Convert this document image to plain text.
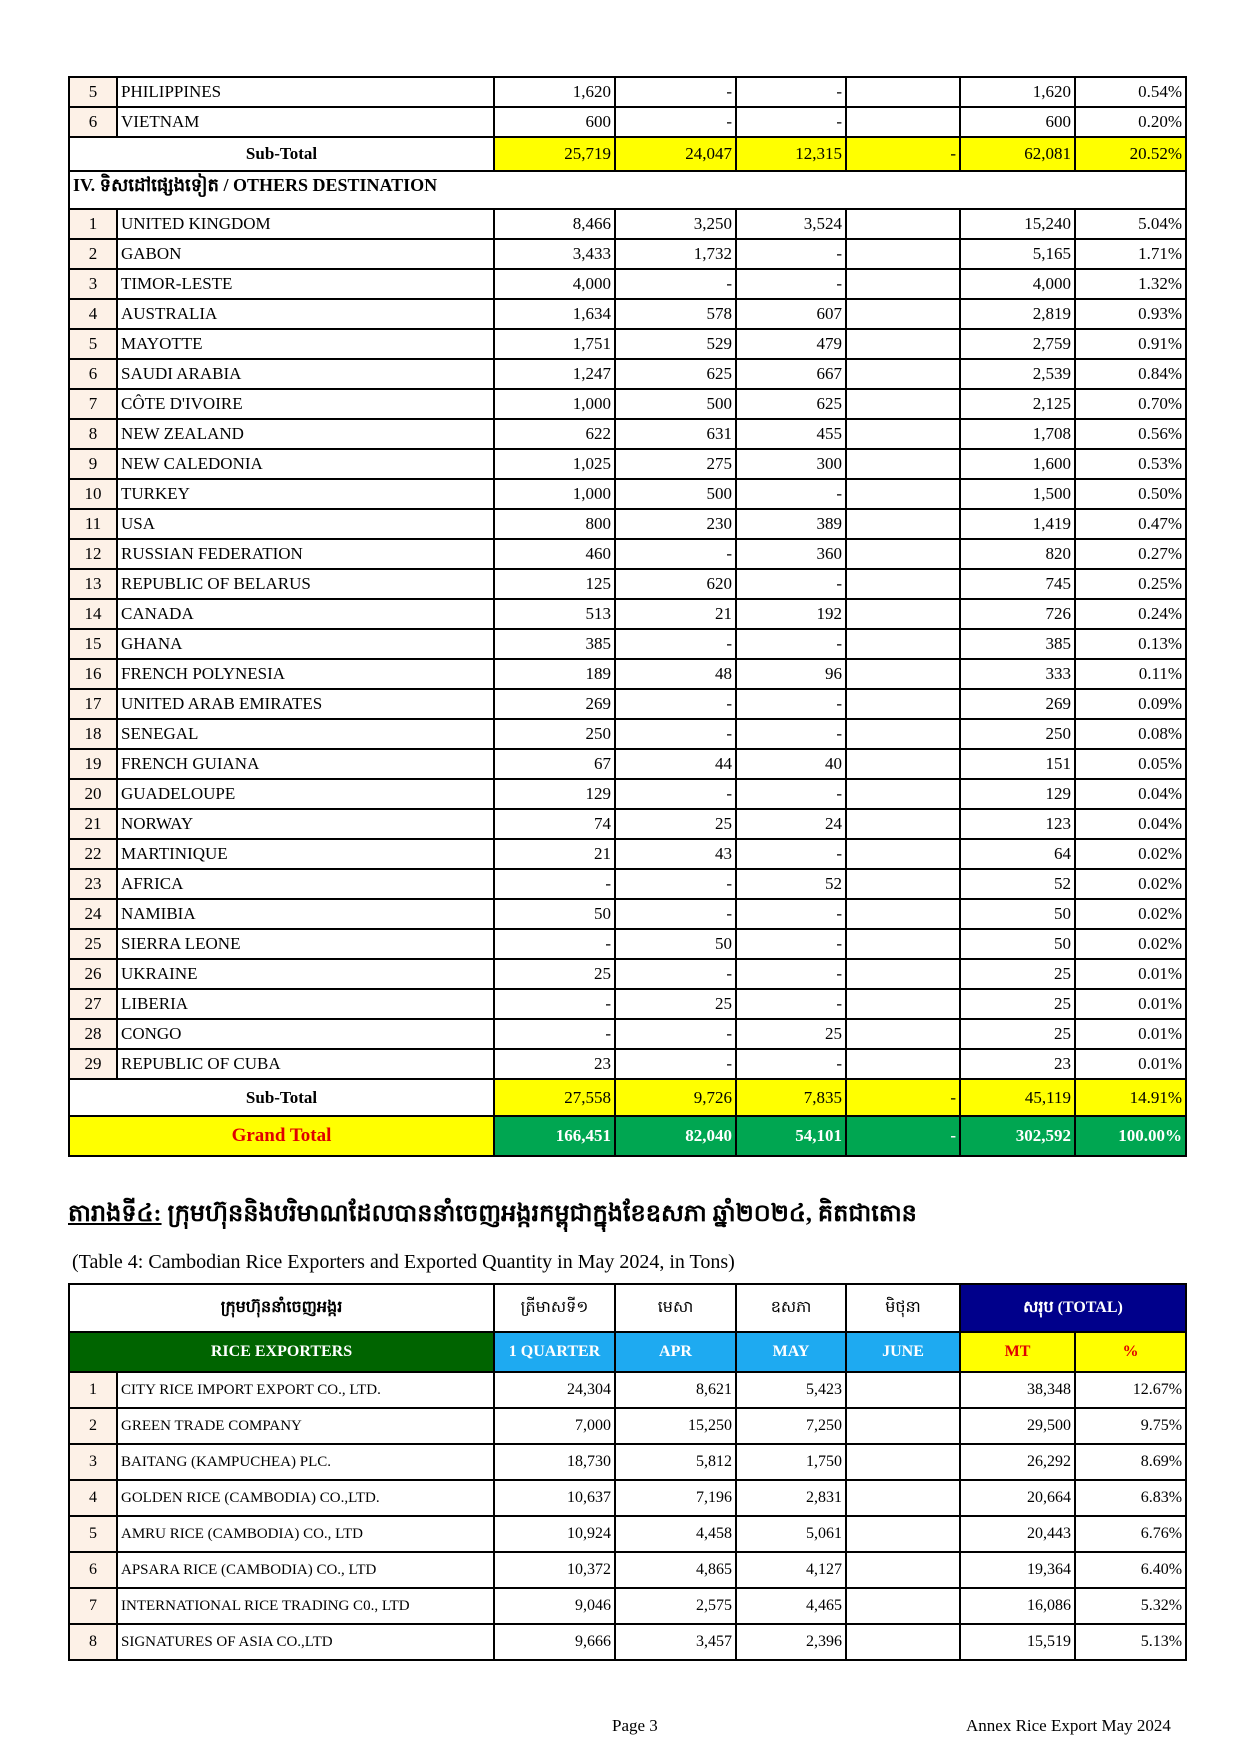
5	PHILIPPINES	1,620	-	-		1,620	0.54%
6	VIETNAM	600	-	-		600	0.20%
Sub-Total		25,719	24,047	12,315	-	62,081	20.52%
IV. ទិសដៅផ្សេងទៀត / OTHERS DESTINATION							

1	UNITED KINGDOM	8,466	3,250	3,524		15,240	5.04%
2	GABON	3,433	1,732	-		5,165	1.71%
3	TIMOR-LESTE	4,000	-	-		4,000	1.32%
4	AUSTRALIA	1,634	578	607		2,819	0.93%
5	MAYOTTE	1,751	529	479		2,759	0.91%
6	SAUDI ARABIA	1,247	625	667		2,539	0.84%
7	CÔTE D'IVOIRE	1,000	500	625		2,125	0.70%
8	NEW ZEALAND	622	631	455		1,708	0.56%
9	NEW CALEDONIA	1,025	275	300		1,600	0.53%
10	TURKEY	1,000	500	-		1,500	0.50%
11	USA	800	230	389		1,419	0.47%
12	RUSSIAN FEDERATION	460	-	360		820	0.27%
13	REPUBLIC OF BELARUS	125	620	-		745	0.25%
14	CANADA	513	21	192		726	0.24%
15	GHANA	385	-	-		385	0.13%
16	FRENCH POLYNESIA	189	48	96		333	0.11%
17	UNITED ARAB EMIRATES	269	-	-		269	0.09%
18	SENEGAL	250	-	-		250	0.08%
19	FRENCH GUIANA	67	44	40		151	0.05%
20	GUADELOUPE	129	-	-		129	0.04%
21	NORWAY	74	25	24		123	0.04%
22	MARTINIQUE	21	43	-		64	0.02%
23	AFRICA	-	-	52		52	0.02%
24	NAMIBIA	50	-	-		50	0.02%
25	SIERRA LEONE	-	50	-		50	0.02%
26	UKRAINE	25	-	-		25	0.01%
27	LIBERIA	-	25	-		25	0.01%
28	CONGO	-	-	25		25	0.01%
29	REPUBLIC OF CUBA	23	-	-		23	0.01%
Sub-Total		27,558	9,726	7,835	-	45,119	14.91%
Grand Total		166,451	82,040	54,101	-	302,592	100.00%
តារាងទី៤: ក្រុមហ៊ុននិងបរិមាណដែលបាននាំចេញអង្ករកម្ពុជាក្នុងខែឧសភា ឆ្នាំ២០២៤, គិតជាតោន
(Table 4: Cambodian Rice Exporters and Exported Quantity in May 2024, in Tons)
ក្រុមហ៊ុននាំចេញអង្ករ		ត្រីមាសទី១	មេសា	ឧសភា	មិថុនា	សរុប (TOTAL)	
RICE EXPORTERS		1 QUARTER	APR	MAY	JUNE	MT	%
1	CITY RICE IMPORT EXPORT CO., LTD.	24,304	8,621	5,423		38,348	12.67%
2	GREEN TRADE COMPANY	7,000	15,250	7,250		29,500	9.75%
3	BAITANG (KAMPUCHEA) PLC.	18,730	5,812	1,750		26,292	8.69%
4	GOLDEN RICE (CAMBODIA) CO.,LTD.	10,637	7,196	2,831		20,664	6.83%
5	AMRU RICE (CAMBODIA) CO., LTD	10,924	4,458	5,061		20,443	6.76%
6	APSARA RICE (CAMBODIA) CO., LTD	10,372	4,865	4,127		19,364	6.40%
7	INTERNATIONAL RICE TRADING C0., LTD	9,046	2,575	4,465		16,086	5.32%
8	SIGNATURES OF ASIA CO.,LTD	9,666	3,457	2,396		15,519	5.13%
Page 3	Annex Rice Export May 2024
